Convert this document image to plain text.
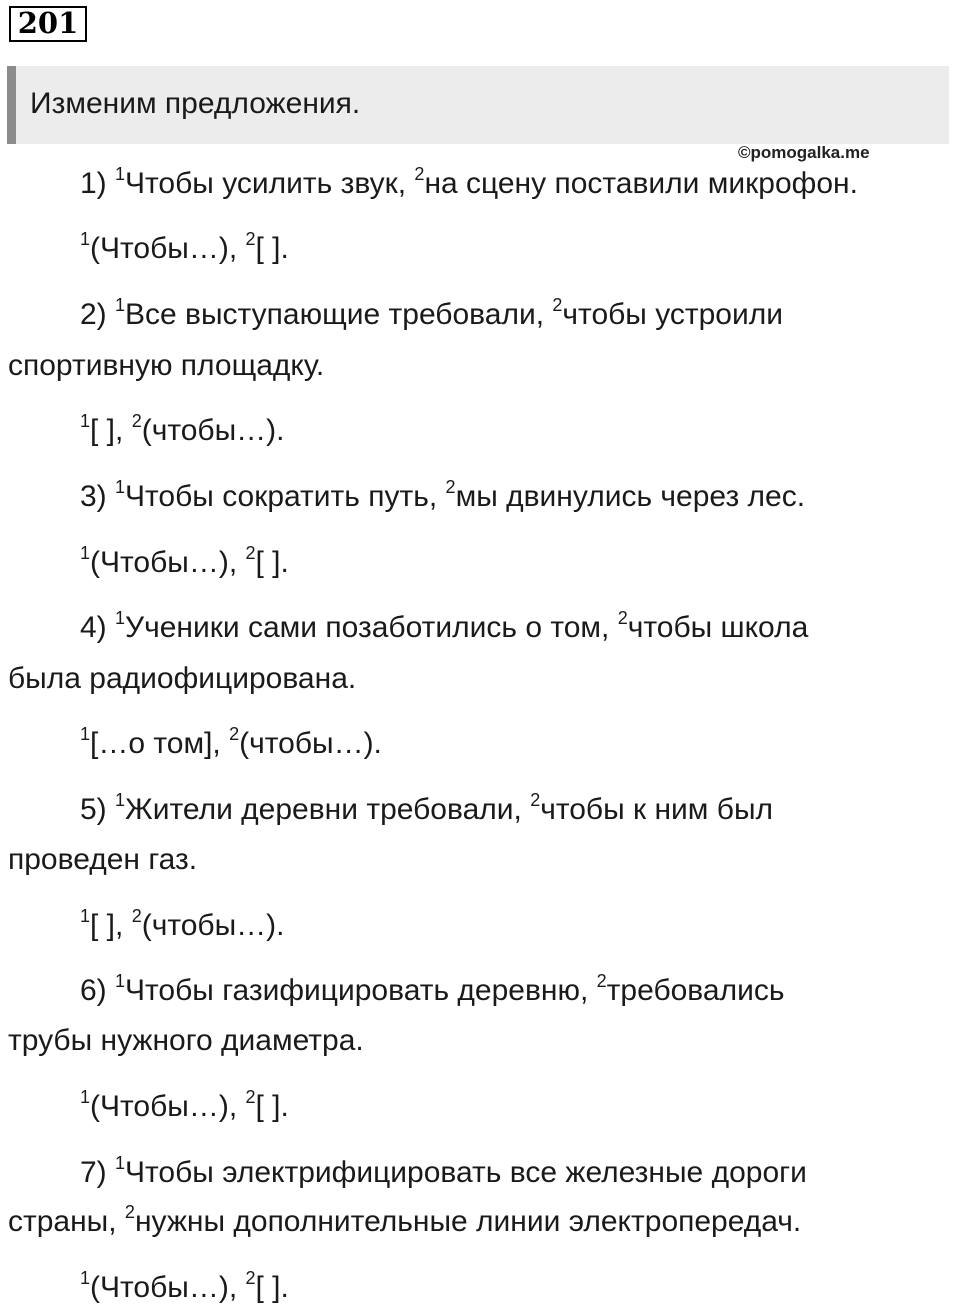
201
Изменим предложения.
©pomogalka.me
1) $^1$Чтобы усилить звук, $^2$на сцену поставили микрофон.
$^1$(Чтобы…), $^2$[ ].
2) $^1$Все выступающие требовали, $^2$чтобы устроили
спортивную площадку.
$^1$[ ], $^2$(чтобы…).
3) $^1$Чтобы сократить путь, $^2$мы двинулись через лес.
$^1$(Чтобы…), $^2$[ ].
4) $^1$Ученики сами позаботились о том, $^2$чтобы школа
была радиофицирована.
$^1$[…о том], $^2$(чтобы…).
5) $^1$Жители деревни требовали, $^2$чтобы к ним был
проведен газ.
$^1$[ ], $^2$(чтобы…).
6) $^1$Чтобы газифицировать деревню, $^2$требовались
трубы нужного диаметра.
$^1$(Чтобы…), $^2$[ ].
7) $^1$Чтобы электрифицировать все железные дороги
страны, $^2$нужны дополнительные линии электропередач.
$^1$(Чтобы…), $^2$[ ].
